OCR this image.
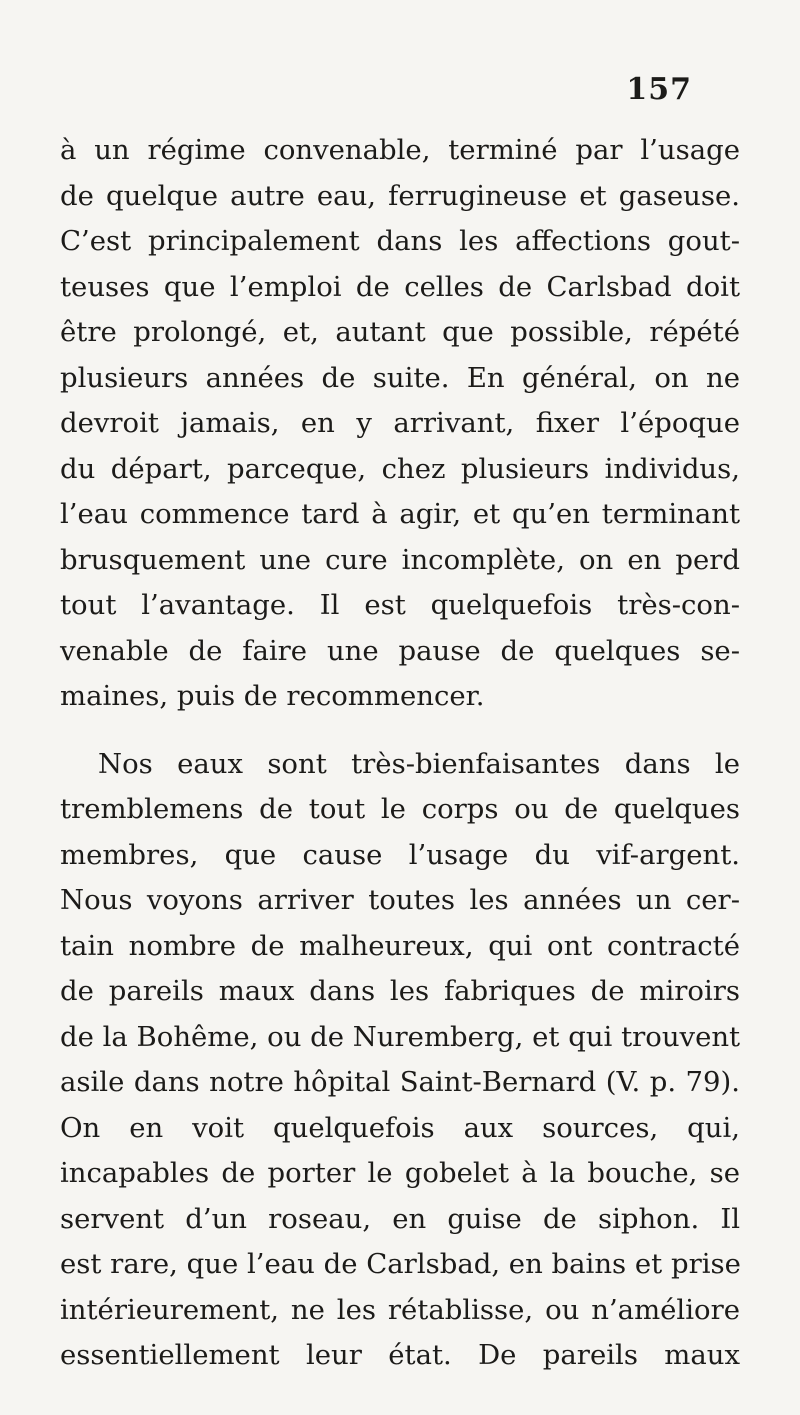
157
à un régime convenable, terminé par l’usage
de quelque autre eau, ferrugineuse et gaseuse.
C’est principalement dans les affections gout-
teuses que l’emploi de celles de Carlsbad doit
être prolongé, et, autant que possible, répété
plusieurs années de suite. En général, on ne
devroit jamais, en y arrivant, fixer l’époque
du départ, parceque, chez plusieurs individus,
l’eau commence tard à agir, et qu’en terminant
brusquement une cure incomplète, on en perd
tout l’avantage. Il est quelquefois très-con-
venable de faire une pause de quelques se-
maines, puis de recommencer.
Nos eaux sont très-bienfaisantes dans le
tremblemens de tout le corps ou de quelques
membres, que cause l’usage du vif-argent.
Nous voyons arriver toutes les années un cer-
tain nombre de malheureux, qui ont contracté
de pareils maux dans les fabriques de miroirs
de la Bohême, ou de Nuremberg, et qui trouvent
asile dans notre hôpital Saint-Bernard (V. p. 79).
On en voit quelquefois aux sources, qui,
incapables de porter le gobelet à la bouche, se
servent d’un roseau, en guise de siphon. Il
est rare, que l’eau de Carlsbad, en bains et prise
intérieurement, ne les rétablisse, ou n’améliore
essentiellement leur état. De pareils maux
